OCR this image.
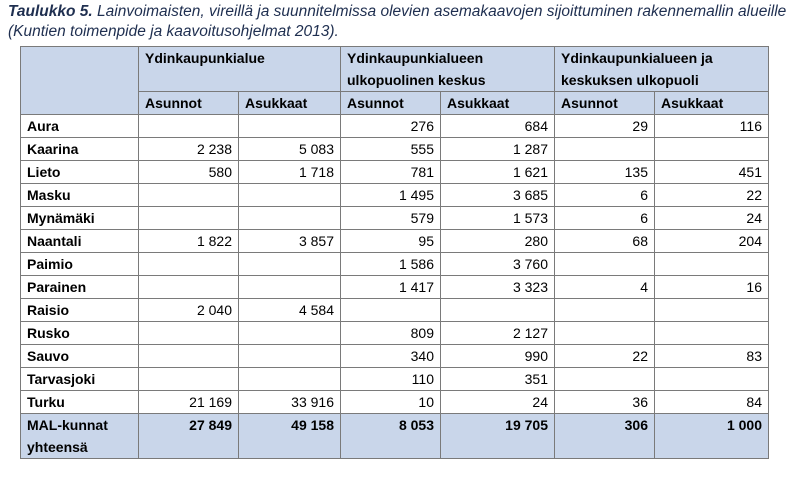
Taulukko 5. Lainvoimaisten, vireillä ja suunnitelmissa olevien asemakaavojen sijoittuminen rakennemallin alueille (Kuntien toimenpide ja kaavoitusohjelmat 2013).
	Ydinkaupunkialue		Ydinkaupunkialueen ulkopuolinen keskus		Ydinkaupunkialueen ja keskuksen ulkopuoli	
	Asunnot	Asukkaat	Asunnot	Asukkaat	Asunnot	Asukkaat
Aura			276	684	29	116
Kaarina	2 238	5 083	555	1 287		
Lieto	580	1 718	781	1 621	135	451
Masku			1 495	3 685	6	22
Mynämäki			579	1 573	6	24
Naantali	1 822	3 857	95	280	68	204
Paimio			1 586	3 760		
Parainen			1 417	3 323	4	16
Raisio	2 040	4 584				
Rusko			809	2 127		
Sauvo			340	990	22	83
Tarvasjoki			110	351		
Turku	21 169	33 916	10	24	36	84
MAL-kunnat yhteensä	27 849	49 158	8 053	19 705	306	1 000
